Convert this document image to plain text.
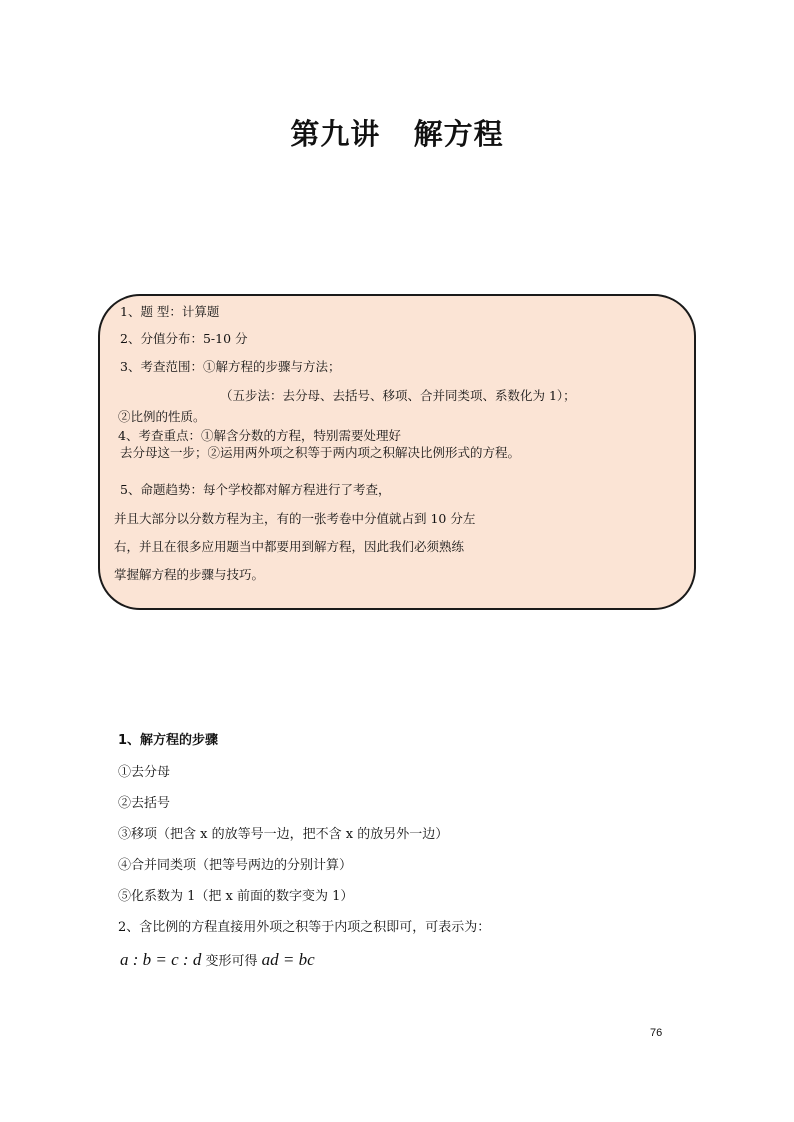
第九讲   解方程
1、题 型：计算题
2、分值分布：5-10 分
3、考查范围：①解方程的步骤与方法；
（五步法：去分母、去括号、移项、合并同类项、系数化为 1）；
②比例的性质。
4、考查重点：①解含分数的方程，特别需要处理好
去分母这一步；②运用两外项之积等于两内项之积解决比例形式的方程。
5、命题趋势：每个学校都对解方程进行了考查，
并且大部分以分数方程为主，有的一张考卷中分值就占到 10 分左
右，并且在很多应用题当中都要用到解方程，因此我们必须熟练
掌握解方程的步骤与技巧。
1、解方程的步骤
①去分母
②去括号
③移项（把含 x 的放等号一边，把不含 x 的放另外一边）
④合并同类项（把等号两边的分别计算）
⑤化系数为 1（把 x 前面的数字变为 1）
2、含比例的方程直接用外项之积等于内项之积即可，可表示为：
a : b = c : d 变形可得 ad = bc
76
